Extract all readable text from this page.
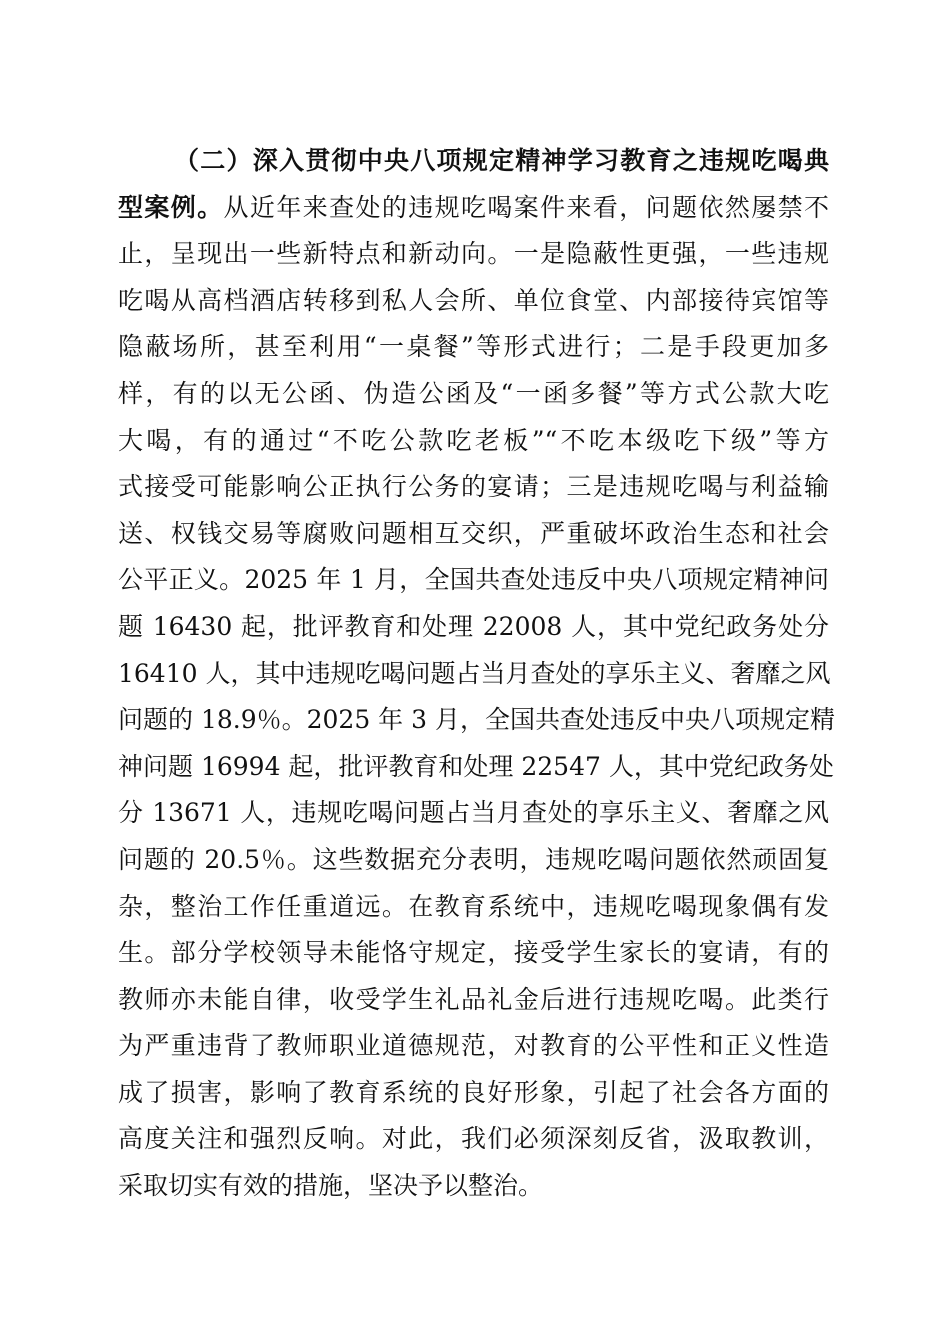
（二）深入贯彻中央八项规定精神学习教育之违规吃喝典
型案例。从近年来查处的违规吃喝案件来看，问题依然屡禁不
止，呈现出一些新特点和新动向。一是隐蔽性更强，一些违规
吃喝从高档酒店转移到私人会所、单位食堂、内部接待宾馆等
隐蔽场所，甚至利用“一桌餐”等形式进行；二是手段更加多
样，有的以无公函、伪造公函及“一函多餐”等方式公款大吃
大喝，有的通过“不吃公款吃老板”“不吃本级吃下级”等方
式接受可能影响公正执行公务的宴请；三是违规吃喝与利益输
送、权钱交易等腐败问题相互交织，严重破坏政治生态和社会
公平正义。2025 年 1 月，全国共查处违反中央八项规定精神问
题 16430 起，批评教育和处理 22008 人，其中党纪政务处分
16410 人，其中违规吃喝问题占当月查处的享乐主义、奢靡之风
问题的 18.9％。2025 年 3 月，全国共查处违反中央八项规定精
神问题 16994 起，批评教育和处理 22547 人，其中党纪政务处
分 13671 人，违规吃喝问题占当月查处的享乐主义、奢靡之风
问题的 20.5％。这些数据充分表明，违规吃喝问题依然顽固复
杂，整治工作任重道远。在教育系统中，违规吃喝现象偶有发
生。部分学校领导未能恪守规定，接受学生家长的宴请，有的
教师亦未能自律，收受学生礼品礼金后进行违规吃喝。此类行
为严重违背了教师职业道德规范，对教育的公平性和正义性造
成了损害，影响了教育系统的良好形象，引起了社会各方面的
高度关注和强烈反响。对此，我们必须深刻反省，汲取教训，
采取切实有效的措施，坚决予以整治。
